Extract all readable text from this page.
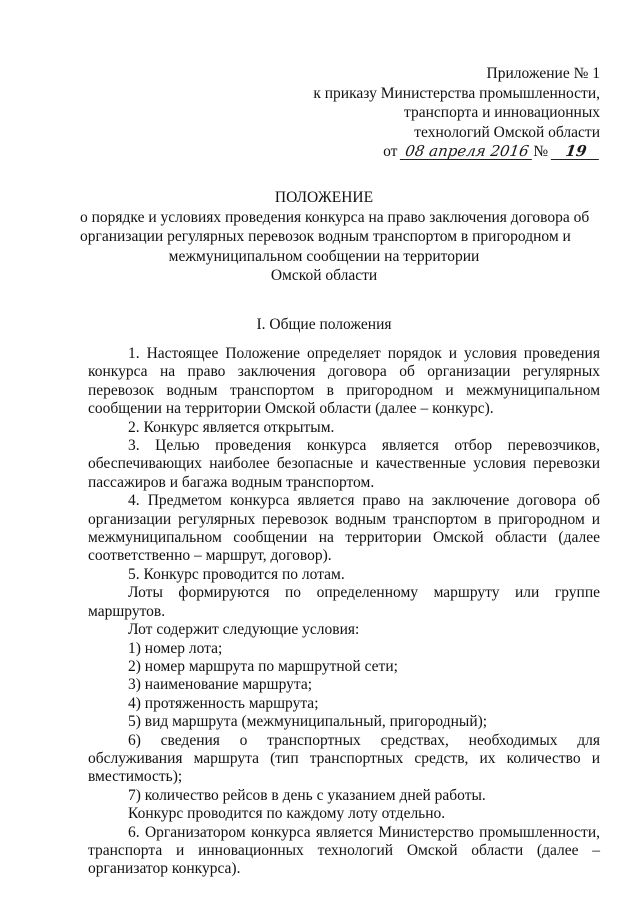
Приложение № 1
к приказу Министерства промышленности,
транспорта и инновационных
технологий Омской области
от 08 апреля 2016 № 19
ПОЛОЖЕНИЕ
о порядке и условиях проведения конкурса на право заключения договора об
организации регулярных перевозок водным транспортом в пригородном и
межмуниципальном сообщении на территории
Омской области
I. Общие положения

1. Настоящее Положение определяет порядок и условия проведения конкурса на право заключения договора об организации регулярных перевозок водным транспортом в пригородном и межмуниципальном сообщении на территории Омской области (далее – конкурс).

2. Конкурс является открытым.

3. Целью проведения конкурса является отбор перевозчиков, обеспечивающих наиболее безопасные и качественные условия перевозки пассажиров и багажа водным транспортом.

4. Предметом конкурса является право на заключение договора об организации регулярных перевозок водным транспортом в пригородном и межмуниципальном сообщении на территории Омской области (далее соответственно – маршрут, договор).

5. Конкурс проводится по лотам.

Лоты формируются по определенному маршруту или группе маршрутов.

Лот содержит следующие условия:

1) номер лота;

2) номер маршрута по маршрутной сети;

3) наименование маршрута;

4) протяженность маршрута;

5) вид маршрута (межмуниципальный, пригородный);

6) сведения о транспортных средствах, необходимых для обслуживания маршрута (тип транспортных средств, их количество и вместимость);

7) количество рейсов в день с указанием дней работы.

Конкурс проводится по каждому лоту отдельно.

6. Организатором конкурса является Министерство промышленности, транспорта и инновационных технологий Омской области (далее – организатор конкурса).
